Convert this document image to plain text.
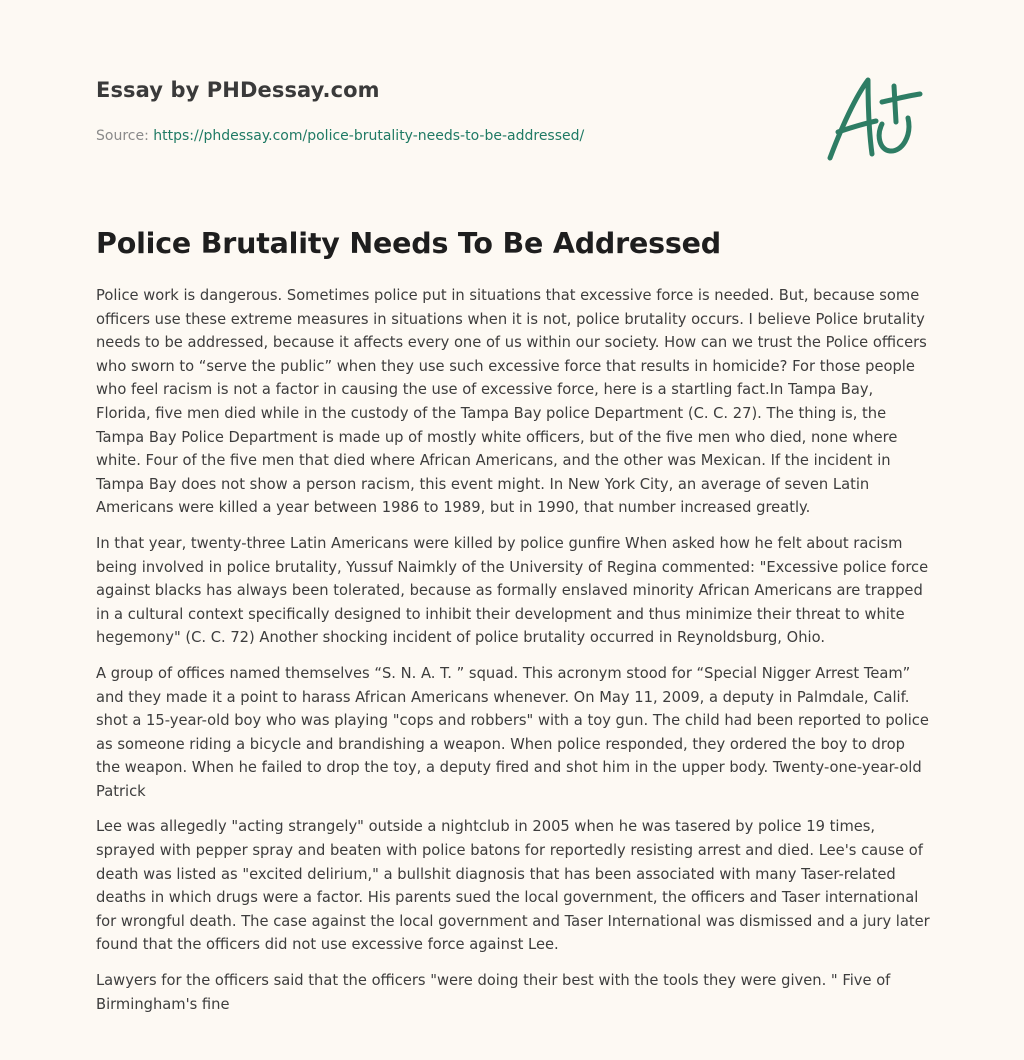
Essay by PHDessay.com
Source: https://phdessay.com/police-brutality-needs-to-be-addressed/
Police Brutality Needs To Be Addressed

Police work is dangerous. Sometimes police put in situations that excessive force is needed. But, because some officers use these extreme measures in situations when it is not, police brutality occurs. I believe Police brutality needs to be addressed, because it affects every one of us within our society. How can we trust the Police officers who sworn to “serve the public” when they use such excessive force that results in homicide? For those people who feel racism is not a factor in causing the use of excessive force, here is a startling fact.In Tampa Bay, Florida, five men died while in the custody of the Tampa Bay police Department (C. C. 27). The thing is, the Tampa Bay Police Department is made up of mostly white officers, but of the five men who died, none where white. Four of the five men that died where African Americans, and the other was Mexican. If the incident in Tampa Bay does not show a person racism, this event might. In New York City, an average of seven Latin Americans were killed a year between 1986 to 1989, but in 1990, that number increased greatly.

In that year, twenty-three Latin Americans were killed by police gunfire When asked how he felt about racism being involved in police brutality, Yussuf Naimkly of the University of Regina commented: "Excessive police force against blacks has always been tolerated, because as formally enslaved minority African Americans are trapped in a cultural context specifically designed to inhibit their development and thus minimize their threat to white hegemony" (C. C. 72) Another shocking incident of police brutality occurred in Reynoldsburg, Ohio.

A group of offices named themselves “S. N. A. T. ” squad. This acronym stood for “Special Nigger Arrest Team” and they made it a point to harass African Americans whenever. On May 11, 2009, a deputy in Palmdale, Calif. shot a 15-year-old boy who was playing "cops and robbers" with a toy gun. The child had been reported to police as someone riding a bicycle and brandishing a weapon. When police responded, they ordered the boy to drop the weapon. When he failed to drop the toy, a deputy fired and shot him in the upper body. Twenty-one-year-old Patrick

Lee was allegedly "acting strangely" outside a nightclub in 2005 when he was tasered by police 19 times, sprayed with pepper spray and beaten with police batons for reportedly resisting arrest and died. Lee's cause of death was listed as "excited delirium," a bullshit diagnosis that has been associated with many Taser-related deaths in which drugs were a factor. His parents sued the local government, the officers and Taser international for wrongful death. The case against the local government and Taser International was dismissed and a jury later found that the officers did not use excessive force against Lee.

Lawyers for the officers said that the officers "were doing their best with the tools they were given. " Five of Birmingham's fine
